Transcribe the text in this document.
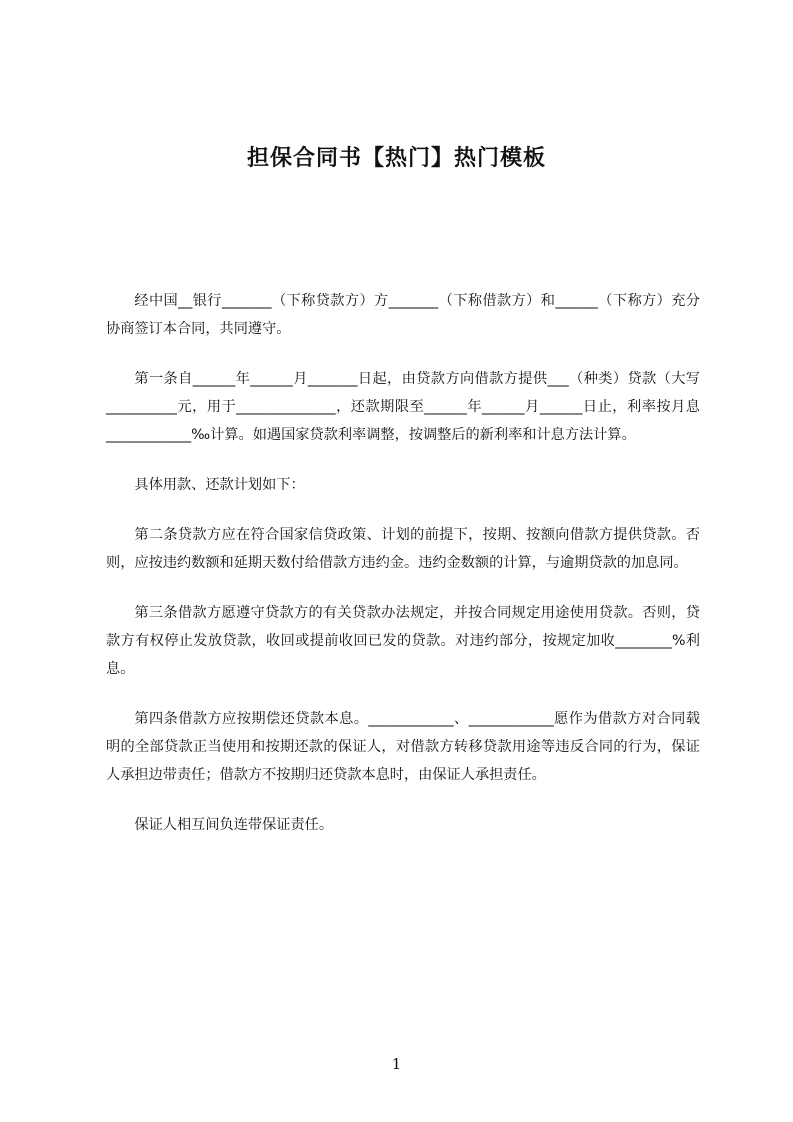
担保合同书【热门】热门模板

经中国__银行_______（下称贷款方）方_______（下称借款方）和______（下称方）充分协商签订本合同，共同遵守。

第一条自______年______月_______日起，由贷款方向借款方提供___（种类）贷款（大写__________元，用于______________，还款期限至______年______月______日止，利率按月息____________‰计算。如遇国家贷款利率调整，按调整后的新利率和计息方法计算。

具体用款、还款计划如下：

第二条贷款方应在符合国家信贷政策、计划的前提下，按期、按额向借款方提供贷款。否则，应按违约数额和延期天数付给借款方违约金。违约金数额的计算，与逾期贷款的加息同。

第三条借款方愿遵守贷款方的有关贷款办法规定，并按合同规定用途使用贷款。否则，贷款方有权停止发放贷款，收回或提前收回已发的贷款。对违约部分，按规定加收________%利息。

第四条借款方应按期偿还贷款本息。____________、____________愿作为借款方对合同载明的全部贷款正当使用和按期还款的保证人，对借款方转移贷款用途等违反合同的行为，保证人承担边带责任；借款方不按期归还贷款本息时，由保证人承担责任。

保证人相互间负连带保证责任。

1
